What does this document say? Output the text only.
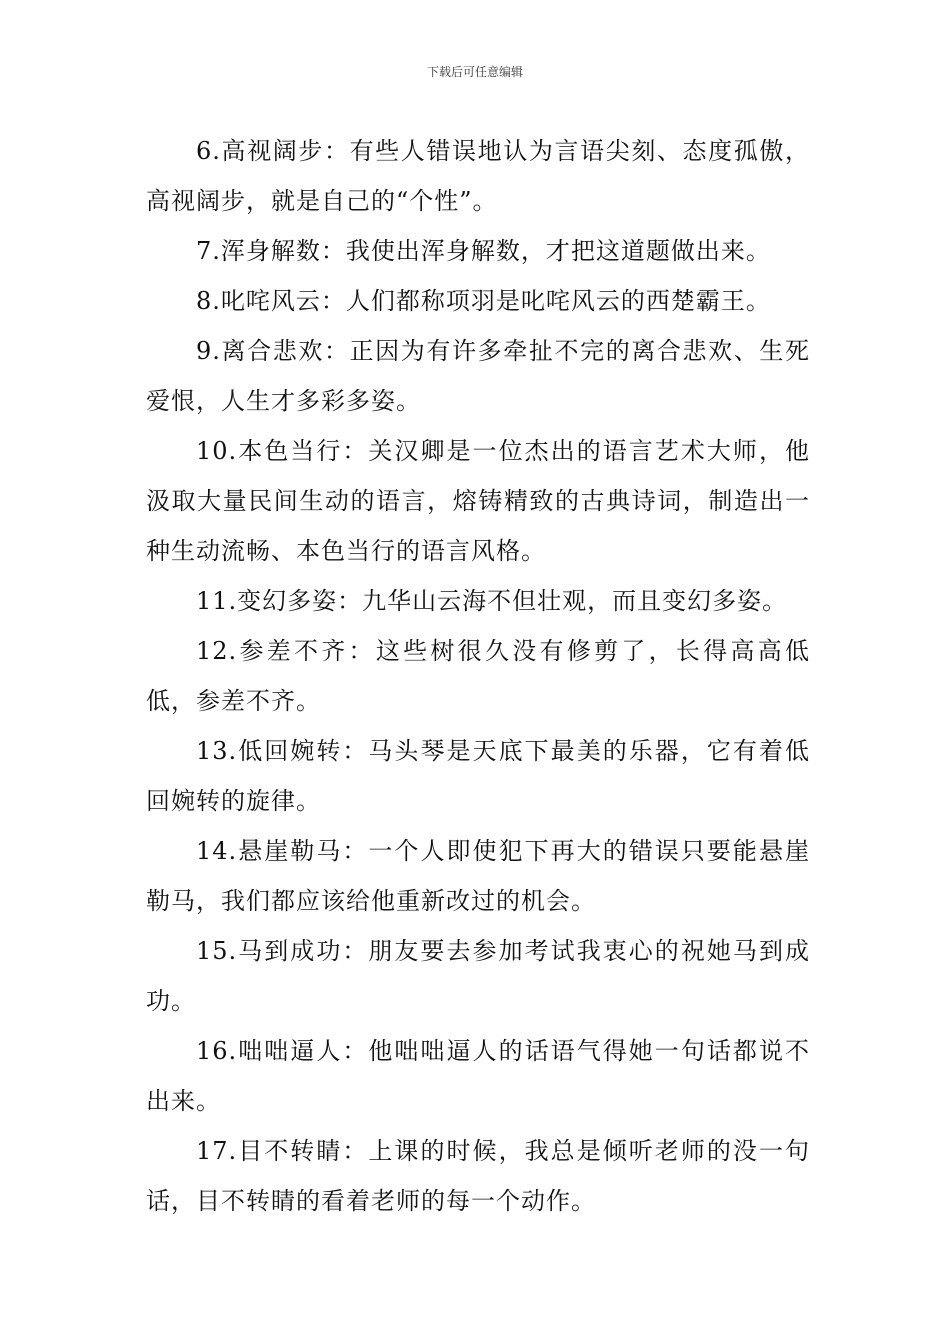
下载后可任意编辑

6.高视阔步：有些人错误地认为言语尖刻、态度孤傲，高视阔步，就是自己的“个性”。

7.浑身解数：我使出浑身解数，才把这道题做出来。

8.叱咤风云：人们都称项羽是叱咤风云的西楚霸王。

9.离合悲欢：正因为有许多牵扯不完的离合悲欢、生死爱恨，人生才多彩多姿。

10.本色当行：关汉卿是一位杰出的语言艺术大师，他汲取大量民间生动的语言，熔铸精致的古典诗词，制造出一种生动流畅、本色当行的语言风格。

11.变幻多姿：九华山云海不但壮观，而且变幻多姿。

12.参差不齐：这些树很久没有修剪了，长得高高低低，参差不齐。

13.低回婉转：马头琴是天底下最美的乐器，它有着低回婉转的旋律。

14.悬崖勒马：一个人即使犯下再大的错误只要能悬崖勒马，我们都应该给他重新改过的机会。

15.马到成功：朋友要去参加考试我衷心的祝她马到成功。

16.咄咄逼人：他咄咄逼人的话语气得她一句话都说不出来。

17.目不转睛：上课的时候，我总是倾听老师的没一句话，目不转睛的看着老师的每一个动作。
